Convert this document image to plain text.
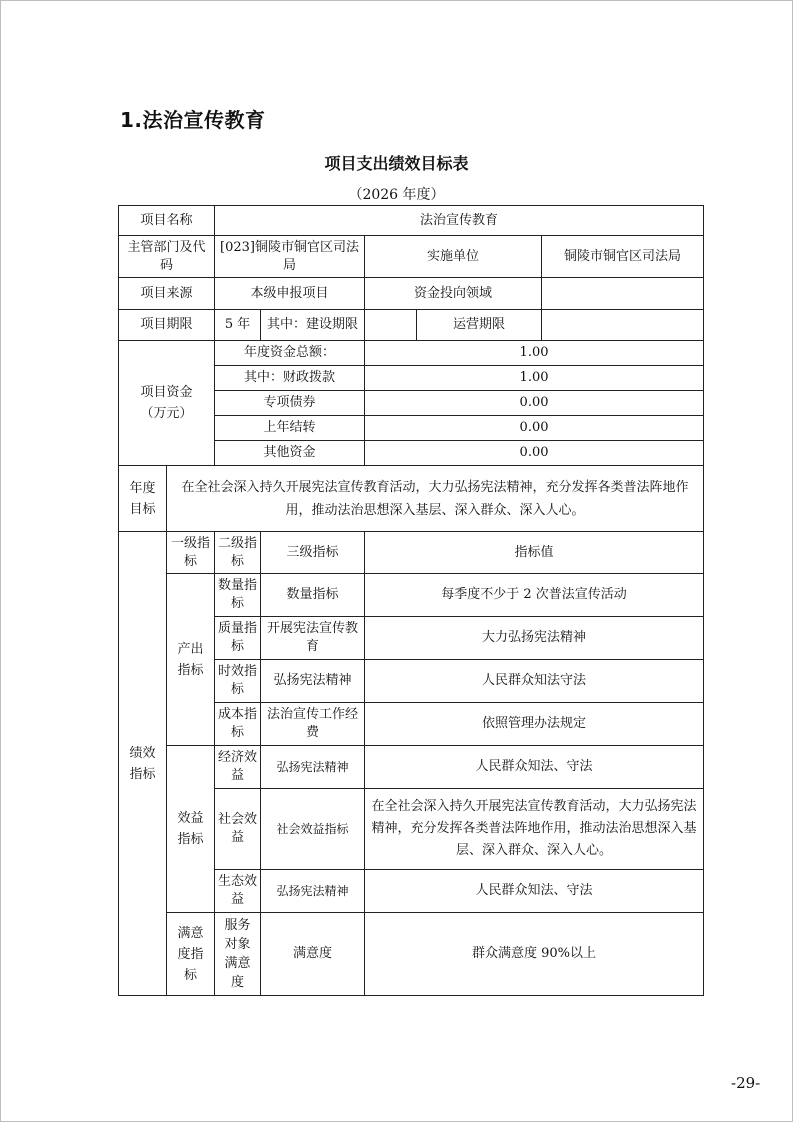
1.法治宣传教育
项目支出绩效目标表
（2026 年度）
项目名称		法治宣传教育				
主管部门及代码		[023]铜陵市铜官区司法局		实施单位		铜陵市铜官区司法局
项目来源		本级申报项目		资金投向领域		
项目期限		5 年	其中：建设期限		运营期限	
项目资金（万元）		年度资金总额：		1.00		
		其中：财政拨款		1.00		
		专项债券		0.00		
		上年结转		0.00		
		其他资金		0.00		
年度目标	在全社会深入持久开展宪法宣传教育活动，大力弘扬宪法精神，充分发挥各类普法阵地作用，推动法治思想深入基层、深入群众、深入人心。					
绩效指标	一级指标	二级指标	三级指标	指标值		
	产出指标	数量指标	数量指标	每季度不少于 2 次普法宣传活动		
		质量指标	开展宪法宣传教育	大力弘扬宪法精神		
		时效指标	弘扬宪法精神	人民群众知法守法		
		成本指标	法治宣传工作经费	依照管理办法规定		
	效益指标	经济效益	弘扬宪法精神	人民群众知法、守法		
		社会效益	社会效益指标	在全社会深入持久开展宪法宣传教育活动，大力弘扬宪法精神，充分发挥各类普法阵地作用，推动法治思想深入基层、深入群众、深入人心。		
		生态效益	弘扬宪法精神	人民群众知法、守法		
	满意度指标	服务对象满意度	满意度	群众满意度 90%以上		
-29-
